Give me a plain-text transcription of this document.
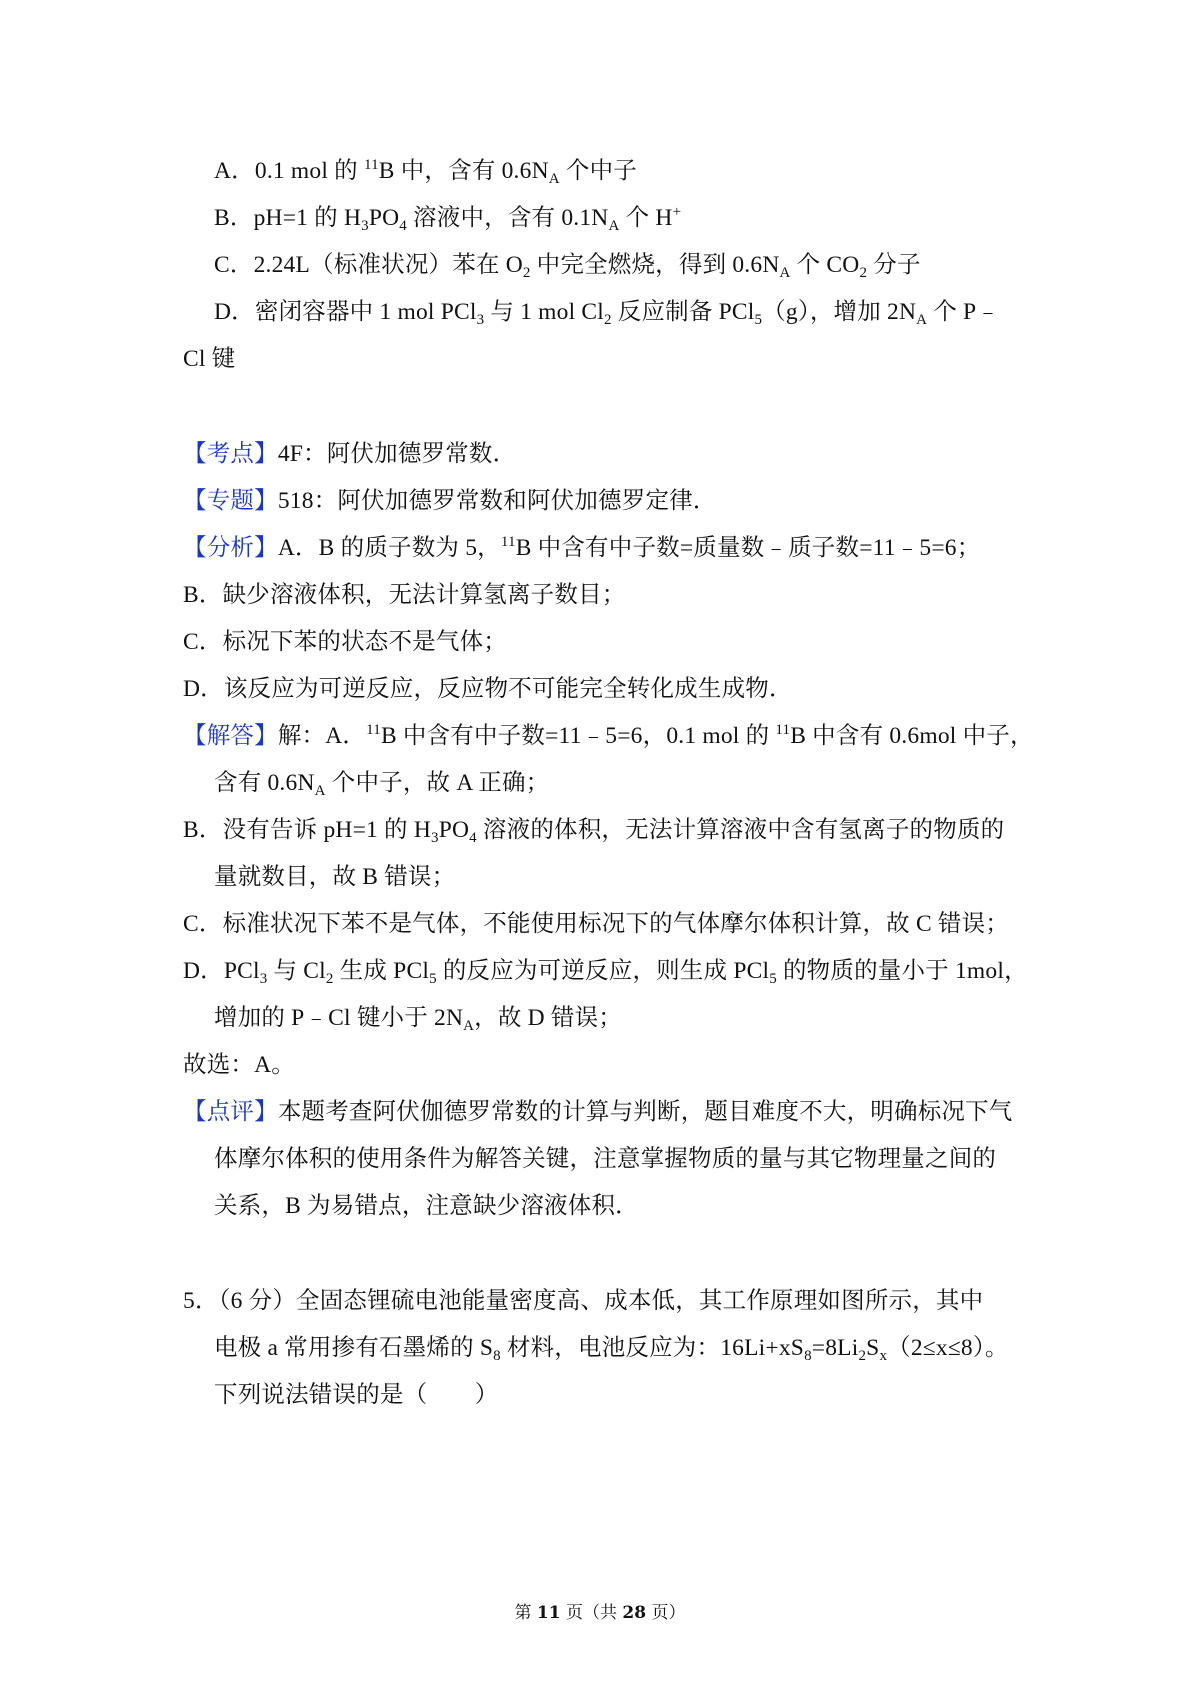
A．0.1 mol 的 $^{11}$B 中，含有 $0.6N_A$ 个中子
B．pH=1 的 $H_3PO_4$ 溶液中，含有 $0.1N_A$ 个 H+
C．2.24L（标准状况）苯在 $O_2$ 中完全燃烧，得到 $0.6N_A$ 个 $CO_2$ 分子
D．密闭容器中 1 mol PCl$_3$ 与 1 mol $Cl_2$ 反应制备 PCl$_5$（g），增加 $2N_A$ 个 P﹣
Cl 键
【考点】4F：阿伏加德罗常数．
【专题】518：阿伏加德罗常数和阿伏加德罗定律．
【分析】A．B 的质子数为 5，$^{11}$B 中含有中子数=质量数﹣质子数=11﹣5=6；
B．缺少溶液体积，无法计算氢离子数目；
C．标况下苯的状态不是气体；
D．该反应为可逆反应，反应物不可能完全转化成生成物．
【解答】解：A．$^{11}$B 中含有中子数=11﹣5=6，0.1 mol 的 $^{11}$B 中含有 0.6mol 中子，
含有 $0.6N_A$ 个中子，故 A 正确；
B．没有告诉 pH=1 的 $H_3PO_4$ 溶液的体积，无法计算溶液中含有氢离子的物质的
量就数目，故 B 错误；
C．标准状况下苯不是气体，不能使用标况下的气体摩尔体积计算，故 C 错误；
D．PCl$_3$ 与 $Cl_2$ 生成 PCl$_5$ 的反应为可逆反应，则生成 PCl$_5$ 的物质的量小于 1mol，
增加的 P﹣Cl 键小于 $2N_A$，故 D 错误；
故选：A。
【点评】本题考查阿伏伽德罗常数的计算与判断，题目难度不大，明确标况下气
体摩尔体积的使用条件为解答关键，注意掌握物质的量与其它物理量之间的
关系，B 为易错点，注意缺少溶液体积．
5．（6 分）全固态锂硫电池能量密度高、成本低，其工作原理如图所示，其中
电极 a 常用掺有石墨烯的 $S_8$ 材料，电池反应为：$16Li+xS_8=8Li_2S_x(2\le x\le 8)$。
下列说法错误的是（　　）
第 11 页（共 28 页）
